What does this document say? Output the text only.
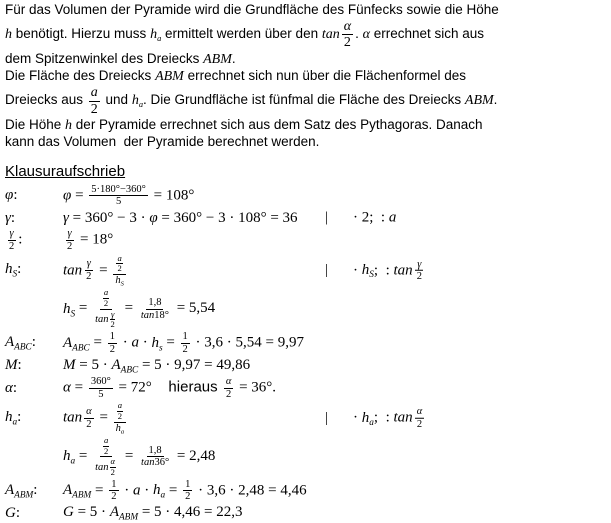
Für das Volumen der Pyramide wird die Grundfläche des Fünfecks sowie die Höhe
h benötigt. Hierzu muss $h_a$ ermittelt werden über den $\tan \frac{\alpha}{2}$ . α errechnet sich aus
dem Spitzenwinkel des Dreiecks ABM.
Die Fläche des Dreiecks ABM errechnet sich nun über die Flächenformel des
Dreiecks aus $\frac{a}{2}$ und $h_a$. Die Grundfläche ist fünfmal die Fläche des Dreiecks ABM.
Die Höhe h der Pyramide errechnet sich aus dem Satz des Pythagoras. Danach
kann das Volumen  der Pyramide berechnet werden.
Klausuraufschrieb
φ:	$\varphi = \frac{5\cdot 180^\circ-360^\circ}{5} = 108^\circ$
γ:	γ = 360° − 3 · φ = 360° − 3 · 108° = 36 |	· 2;  : a
$\frac{\gamma}{2}$ :	$\frac{\gamma}{2} = 18^\circ$
$h_S$:	$\tan \frac{\gamma}{2} = \frac{\frac{a}{2}}{h_S}$	|	· $h_S$;  : $\tan \frac{\gamma}{2}$
$h_S = \frac{\frac{a}{2}}{\tan \frac{\gamma}{2}} = \frac{1,8}{\tan 18^\circ} = 5,54$
$A_{ABC}$:	$A_{ABC} = \frac{1}{2} \cdot a \cdot h_s = \frac{1}{2} \cdot 3,6 \cdot 5,54 = 9,97$
M:	$M = 5 \cdot A_{ABC} = 5 \cdot 9,97 = 49,86$
α:	$\alpha = \frac{360^\circ}{5} = 72^\circ$    hieraus $\frac{\alpha}{2} = 36^\circ$.
$h_a$:	$\tan \frac{\alpha}{2} = \frac{\frac{a}{2}}{h_a}$	|	· $h_a$;  : $\tan \frac{\alpha}{2}$
$h_a = \frac{\frac{a}{2}}{\tan \frac{\alpha}{2}} = \frac{1,8}{\tan 36^\circ} = 2,48$
$A_{ABM}$:	$A_{ABM} = \frac{1}{2} \cdot a \cdot h_a = \frac{1}{2} \cdot 3,6 \cdot 2,48 = 4,46$
G:	$G = 5 \cdot A_{ABM} = 5 \cdot 4,46 = 22,3$
